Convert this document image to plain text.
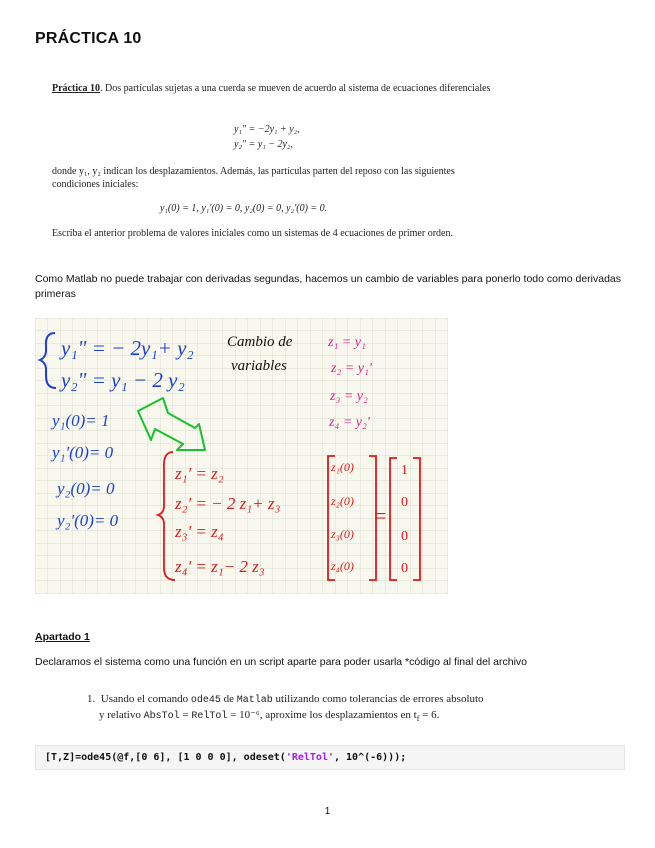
PRÁCTICA 10

Práctica 10. Dos partículas sujetas a una cuerda se mueven de acuerdo al sistema de ecuaciones diferenciales

y₁″ = −2y₁ + y₂,
y₂″ = y₁ − 2y₂,

donde y₁, y₂ indican los desplazamientos. Además, las partículas parten del reposo con las siguientes condiciones iniciales:

y₁(0) = 1, y₁′(0) = 0, y₂(0) = 0, y₂′(0) = 0.
Escriba el anterior problema de valores iniciales como un sistemas de 4 ecuaciones de primer orden.
Como Matlab no puede trabajar con derivadas segundas, hacemos un cambio de variables para ponerlo todo como derivadas primeras
y₁" = − 2y₁+ y₂
y₂" = y₁ − 2 y₂
y₁(0)= 1
y₁'(0)= 0
y₂(0)= 0
y₂'(0)= 0
Cambio de
variables
z₁ = y₁
z₂ = y₁'
z₃ = y₂
z₄ = y₂'
z₁' = z₂
z₂' = − 2 z₁+ z₃
z₃' = z₄
z₄' = z₁− 2 z₃
z₁(0)
z₂(0)
z₃(0)
z₄(0)
=
1
0
0
0
Apartado 1
Declaramos el sistema como una función en un script aparte para poder usarla *código al final del archivo
1. Usando el comando ode45 de Matlab utilizando como tolerancias de errores absoluto
y relativo AbsTol = RelTol = 10⁻⁶, aproxime los desplazamientos en $t_f = 6$.
[T,Z]=ode45(@f,[0 6], [1 0 0 0], odeset('RelTol', 10^(-6)));
1
